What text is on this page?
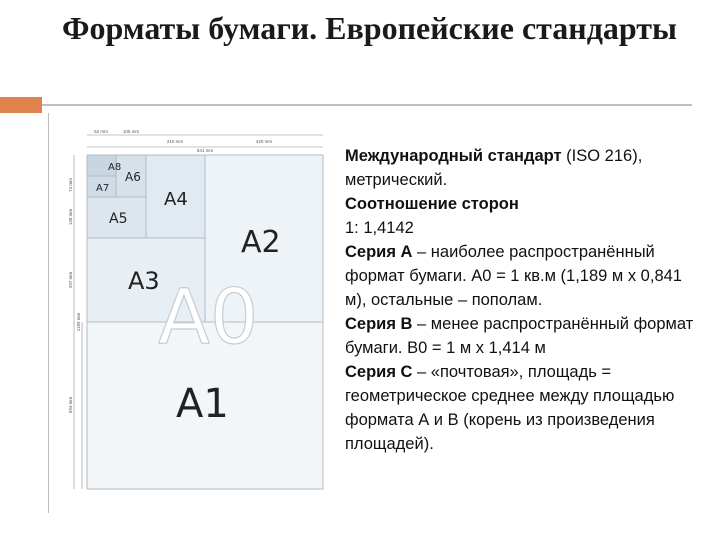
Форматы бумаги. Европейские стандарты
52 mm	105 mm
210 mm	420 mm
841 mm
74 mm
148 mm
297 mm
594 mm
1189 mm A0
A1
A2
A3
A4
A5
A6
A7
A8
Международный стандарт (ISO 216), метрический.
Соотношение сторон
1: 1,4142
Серия А – наиболее распространённый формат бумаги. А0 = 1 кв.м (1,189 м х 0,841 м), остальные – пополам.
Серия В – менее распространённый формат бумаги. В0 = 1 м х 1,414 м
Серия С – «почтовая», площадь = геометрическое среднее между площадью формата А и В (корень из произведения площадей).
